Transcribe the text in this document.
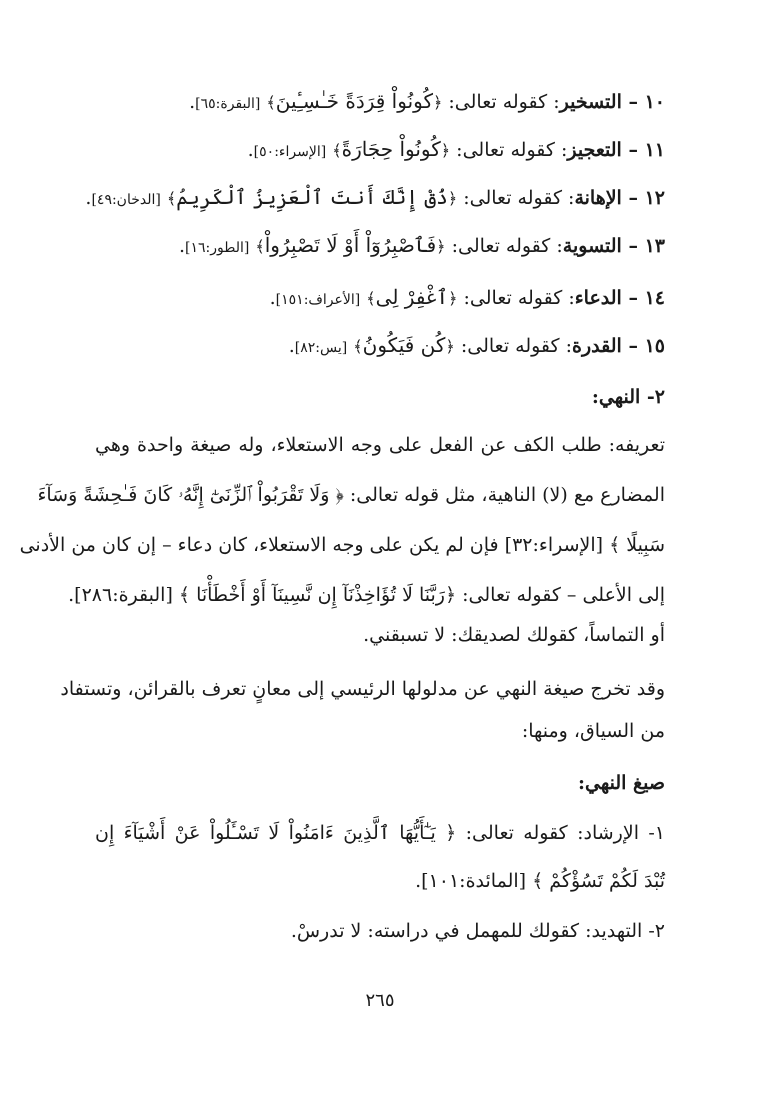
١٠ – التسخير: كقوله تعالى: ﴿كُونُواْ قِرَدَةً خَـٰسِـِٔينَ﴾ [البقرة:٦٥].
١١ – التعجيز: كقوله تعالى: ﴿كُونُواْ حِجَارَةً﴾ [الإسراء:٥٠].
١٢ – الإهانة: كقوله تعالى: ﴿ذُقْ إِنَّكَ أَنتَ ٱلْعَزِيزُ ٱلْكَرِيمُ﴾ [الدخان:٤٩].
١٣ – التسوية: كقوله تعالى: ﴿فَٱصْبِرُوٓاْ أَوْ لَا تَصْبِرُواْ﴾ [الطور:١٦].
١٤ – الدعاء: كقوله تعالى: ﴿ٱغْفِرْ لِى﴾ [الأعراف:١٥١].
١٥ – القدرة: كقوله تعالى: ﴿كُن فَيَكُونُ﴾ [يس:٨٢].
٢- النهي:
تعريفه: طلب الكف عن الفعل على وجه الاستعلاء، وله صيغة واحدة وهي
المضارع مع (لا) الناهية، مثل قوله تعالى: ﴿ وَلَا تَقْرَبُواْ ٱلزِّنَىٰٓ إِنَّهُۥ كَانَ فَـٰحِشَةً وَسَآءَ
سَبِيلًا ﴾ [الإسراء:٣٢] فإن لم يكن على وجه الاستعلاء، كان دعاء – إن كان من الأدنى
إلى الأعلى – كقوله تعالى: ﴿رَبَّنَا لَا تُؤَاخِذْنَآ إِن نَّسِينَآ أَوْ أَخْطَأْنَا ﴾ [البقرة:٢٨٦].
أو التماساً، كقولك لصديقك: لا تسبقني.
وقد تخرج صيغة النهي عن مدلولها الرئيسي إلى معانٍ تعرف بالقرائن، وتستفاد
من السياق، ومنها:
صيغ النهي:
١- الإرشاد: كقوله تعالى: ﴿ يَـٰٓأَيُّهَا ٱلَّذِينَ ءَامَنُواْ لَا تَسْـَٔلُواْ عَنْ أَشْيَآءَ إِن
تُبْدَ لَكُمْ تَسُؤْكُمْ ﴾ [المائدة:١٠١].
٢- التهديد: كقولك للمهمل في دراسته: لا تدرسْ.
٢٦٥
